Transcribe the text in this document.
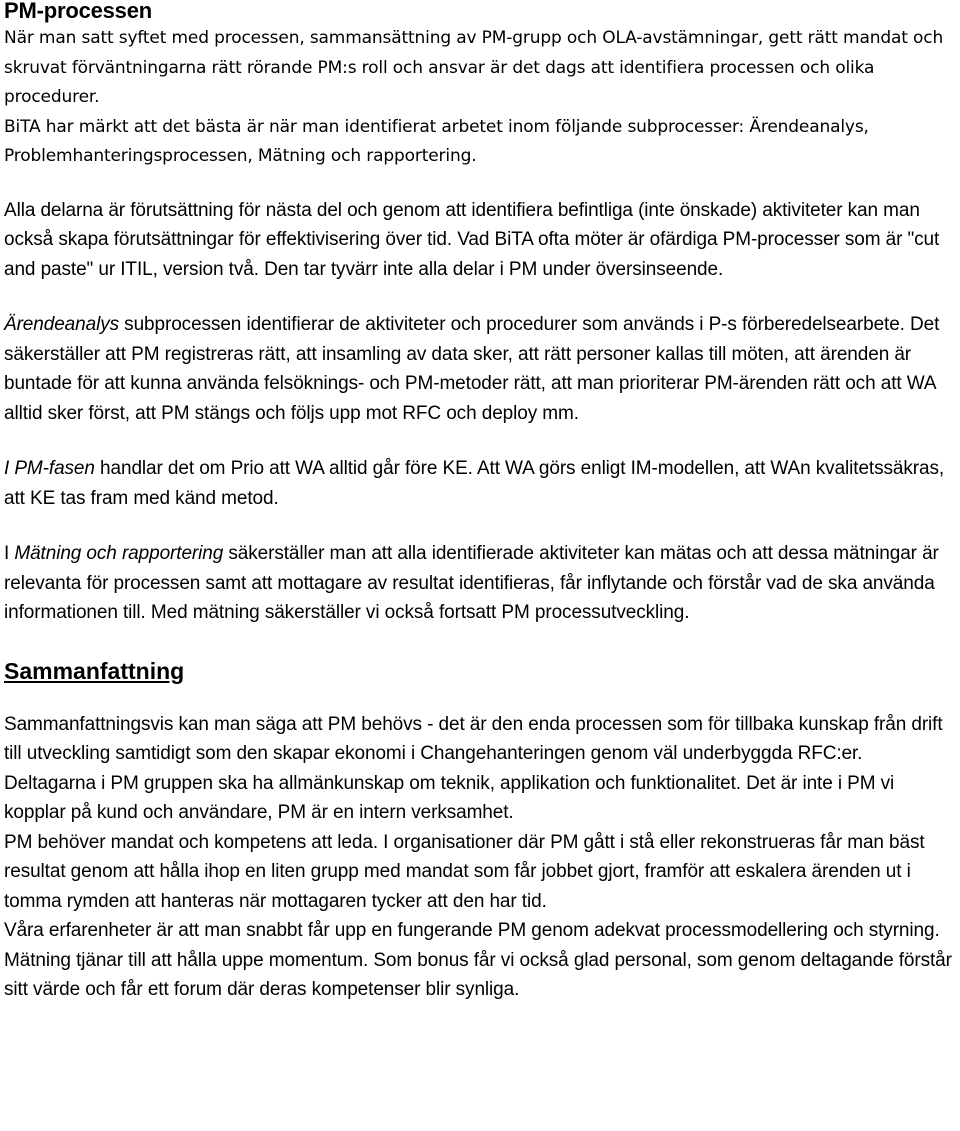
PM-processen

När man satt syftet med processen, sammansättning av PM-grupp och OLA-avstämningar, gett rätt mandat och skruvat förväntningarna rätt rörande PM:s roll och ansvar är det dags att identifiera processen och olika procedurer.

BiTA har märkt att det bästa är när man identifierat arbetet inom följande subprocesser: Ärendeanalys, Problemhanteringsprocessen, Mätning och rapportering.

Alla delarna är förutsättning för nästa del och genom att identifiera befintliga (inte önskade) aktiviteter kan man också skapa förutsättningar för effektivisering över tid. Vad BiTA ofta möter är ofärdiga PM-processer som är "cut and paste" ur ITIL, version två. Den tar tyvärr inte alla delar i PM under översinseende.

Ärendeanalys subprocessen identifierar de aktiviteter och procedurer som används i P-s förberedelsearbete. Det säkerställer att PM registreras rätt, att insamling av data sker, att rätt personer kallas till möten, att ärenden är buntade för att kunna använda felsöknings- och PM-metoder rätt, att man prioriterar PM-ärenden rätt och att WA alltid sker först, att PM stängs och följs upp mot RFC och deploy mm.

I PM-fasen handlar det om Prio att WA alltid går före KE. Att WA görs enligt IM-modellen, att WAn kvalitetssäkras, att KE tas fram med känd metod.

I Mätning och rapportering säkerställer man att alla identifierade aktiviteter kan mätas och att dessa mätningar är relevanta för processen samt att mottagare av resultat identifieras, får inflytande och förstår vad de ska använda informationen till. Med mätning säkerställer vi också fortsatt PM processutveckling.

Sammanfattning

Sammanfattningsvis kan man säga att PM behövs - det är den enda processen som för tillbaka kunskap från drift till utveckling samtidigt som den skapar ekonomi i Changehanteringen genom väl underbyggda RFC:er.

Deltagarna i PM gruppen ska ha allmänkunskap om teknik, applikation och funktionalitet. Det är inte i PM vi kopplar på kund och användare, PM är en intern verksamhet.

PM behöver mandat och kompetens att leda. I organisationer där PM gått i stå eller rekonstrueras får man bäst resultat genom att hålla ihop en liten grupp med mandat som får jobbet gjort, framför att eskalera ärenden ut i tomma rymden att hanteras när mottagaren tycker att den har tid.

Våra erfarenheter är att man snabbt får upp en fungerande PM genom adekvat processmodellering och styrning. Mätning tjänar till att hålla uppe momentum. Som bonus får vi också glad personal, som genom deltagande förstår sitt värde och får ett forum där deras kompetenser blir synliga.
